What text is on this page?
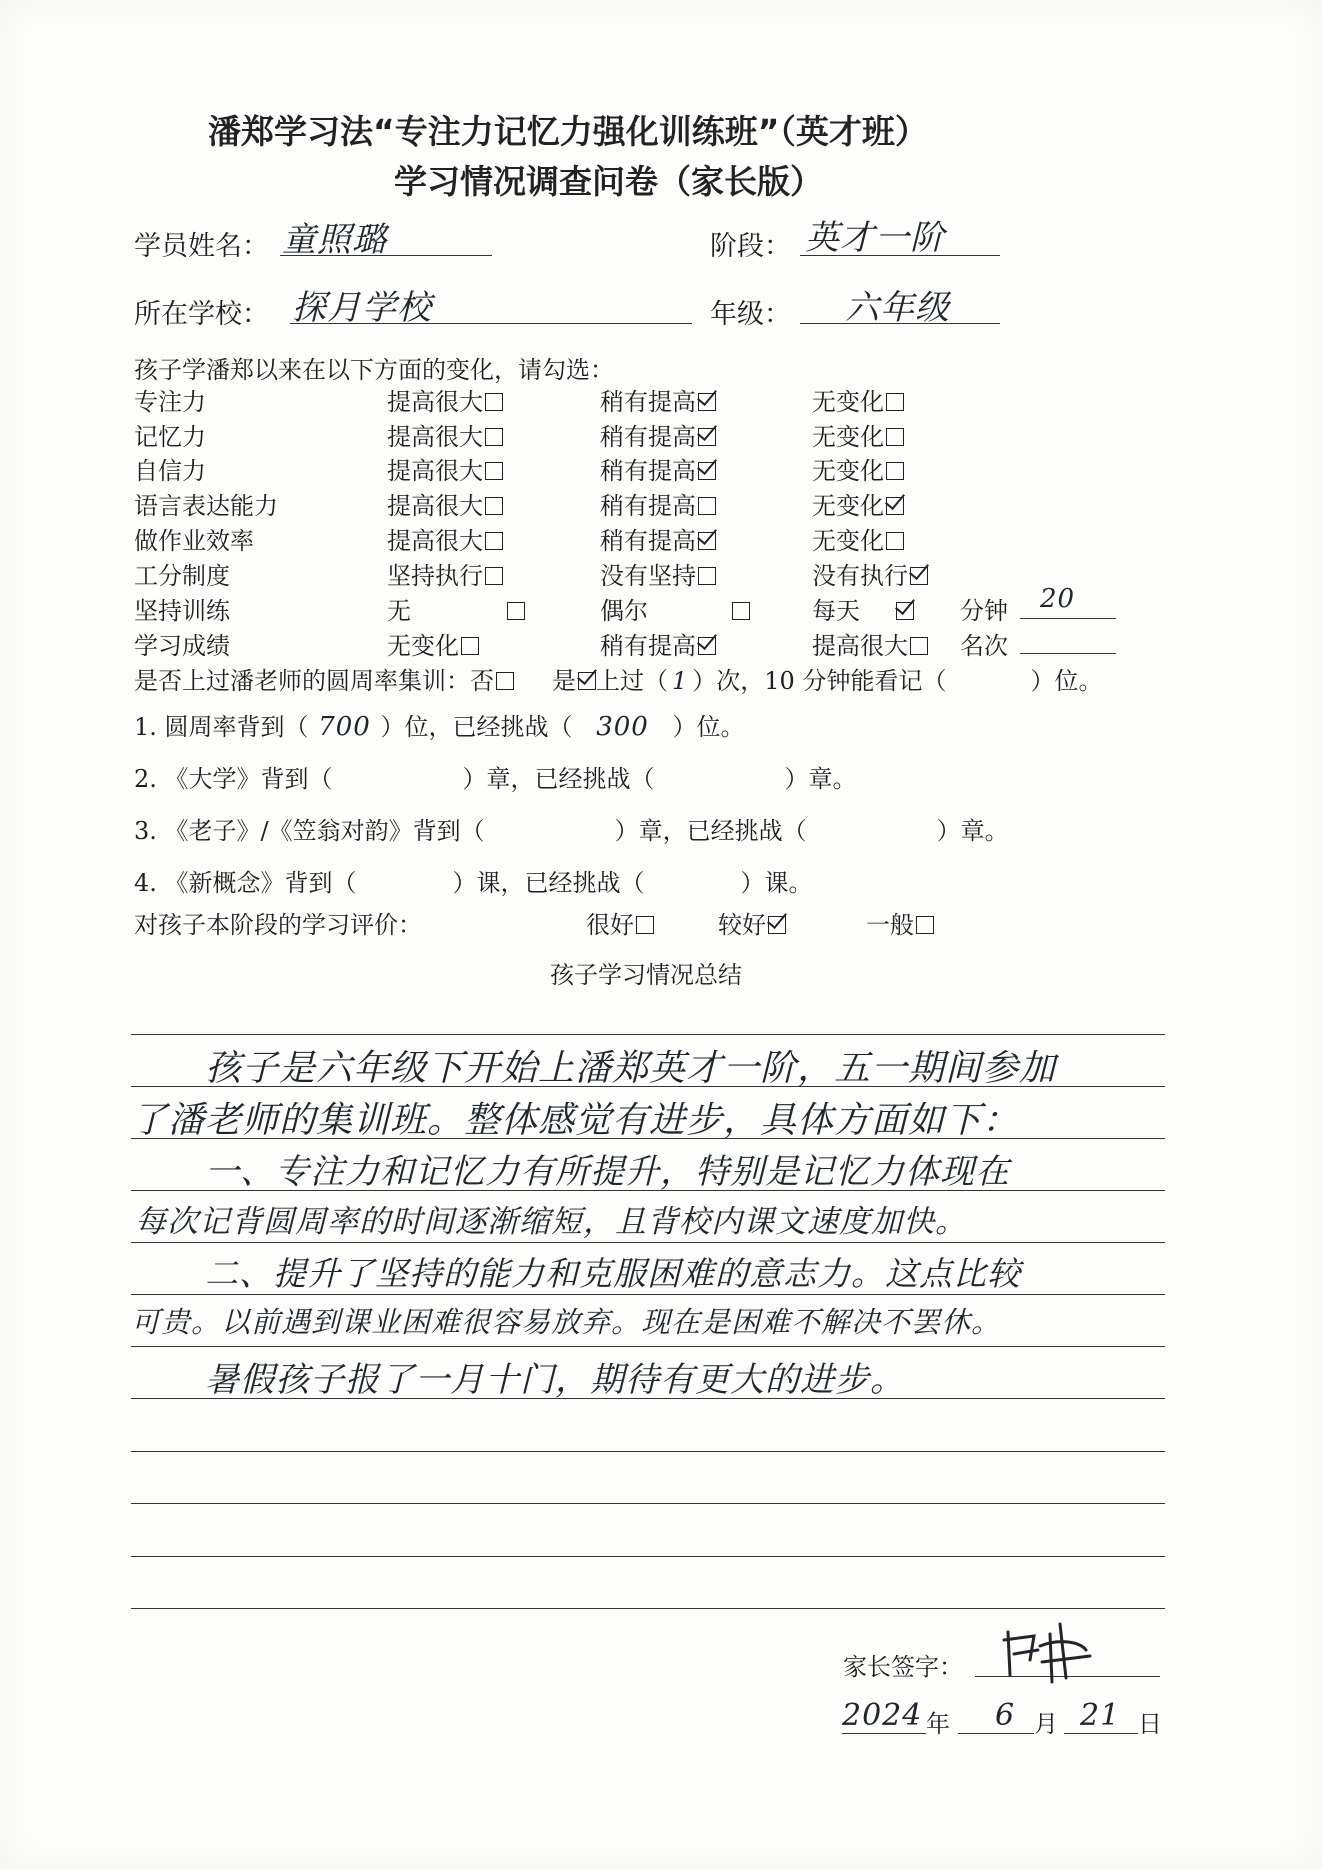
潘郑学习法“专注力记忆力强化训练班”（英才班）
学习情况调查问卷（家长版）
学员姓名： 童照璐	阶段： 英才一阶
所在学校： 探月学校	年级： 六年级
孩子学潘郑以来在以下方面的变化，请勾选：
专注力	提高很大	稍有提高	无变化
记忆力	提高很大	稍有提高	无变化
自信力	提高很大	稍有提高	无变化
语言表达能力	提高很大	稍有提高	无变化
做作业效率	提高很大	稍有提高	无变化
工分制度	坚持执行	没有坚持	没有执行
坚持训练	无	偶尔	每天	分钟 20
学习成绩	无变化	稍有提高	提高很大	名次
是否上过潘老师的圆周率集训：否 是 上过（ 1 ）次，10 分钟能看记（	）位。
1. 圆周率背到（ 700 ）位，已经挑战（ 300 ）位。
2. 《大学》背到（	）章，已经挑战（	）章。
3. 《老子》/《笠翁对韵》背到（	）章，已经挑战（	）章。
4. 《新概念》背到（	）课，已经挑战（	）课。
对孩子本阶段的学习评价：	很好	较好	一般
孩子学习情况总结
孩子是六年级下开始上潘郑英才一阶，五一期间参加
了潘老师的集训班。整体感觉有进步，具体方面如下：
一、专注力和记忆力有所提升，特别是记忆力体现在
每次记背圆周率的时间逐渐缩短，且背校内课文速度加快。
二、提升了坚持的能力和克服困难的意志力。这点比较
可贵。以前遇到课业困难很容易放弃。现在是困难不解决不罢休。
暑假孩子报了一月十门，期待有更大的进步。
家长签字：
2024 年 6 月 21 日
